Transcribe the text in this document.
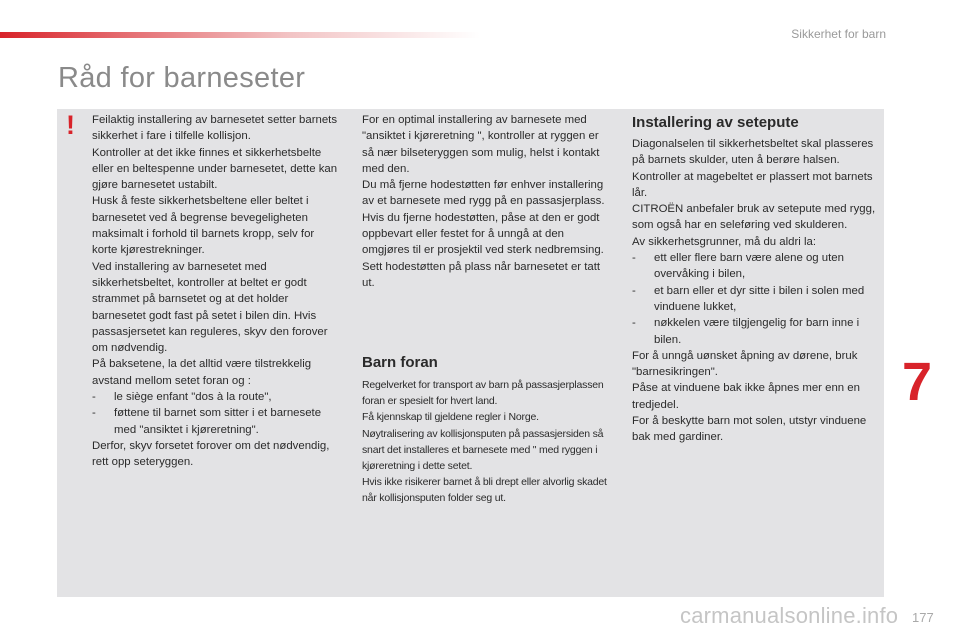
Sikkerhet for barn
Råd for barneseter
! Feilaktig installering av barnesetet setter barnets sikkerhet i fare i tilfelle kollisjon.

Kontroller at det ikke finnes et sikkerhetsbelte eller en beltespenne under barnesetet, dette kan gjøre barnesetet ustabilt.

Husk å feste sikkerhetsbeltene eller beltet i barnesetet ved å begrense bevegeligheten maksimalt i forhold til barnets kropp, selv for korte kjørestrekninger.

Ved installering av barnesetet med sikkerhetsbeltet, kontroller at beltet er godt strammet på barnsetet og at det holder barnesetet godt fast på setet i bilen din. Hvis passasjersetet kan reguleres, skyv den forover om nødvendig.

På baksetene, la det alltid være tilstrekkelig avstand mellom setet foran og :

-	le siège enfant "dos à la route",
-	føttene til barnet som sitter i et barnesete med "ansiktet i kjøreretning".

Derfor, skyv forsetet forover om det nødvendig, rett opp seteryggen.

For en optimal installering av barnesete med "ansiktet i kjøreretning ", kontroller at ryggen er så nær bilseteryggen som mulig, helst i kontakt med den.

Du må fjerne hodestøtten før enhver installering av et barnesete med rygg på en passasjerplass. Hvis du fjerne hodestøtten, påse at den er godt oppbevart eller festet for å unngå at den omgjøres til er prosjektil ved sterk nedbremsing.

Sett hodestøtten på plass når barnesetet er tatt ut.

Barn foran

Regelverket for transport av barn på passasjerplassen foran er spesielt for hvert land.

Få kjennskap til gjeldene regler i Norge.

Nøytralisering av kollisjonsputen på passasjersiden så snart det installeres et barnesete med " med ryggen i kjøreretning i dette setet.

Hvis ikke risikerer barnet å bli drept eller alvorlig skadet når kollisjonsputen folder seg ut.

Installering av setepute

Diagonalselen til sikkerhetsbeltet skal plasseres på barnets skulder, uten å berøre halsen.

Kontroller at magebeltet er plassert mot barnets lår.

CITROËN anbefaler bruk av setepute med rygg, som også har en seleføring ved skulderen.

Av sikkerhetsgrunner, må du aldri la:

-	ett eller flere barn være alene og uten overvåking i bilen,
-	et barn eller et dyr sitte i bilen i solen med vinduene lukket,
-	nøkkelen være tilgjengelig for barn inne i bilen.

For å unngå uønsket åpning av dørene, bruk "barnesikringen".

Påse at vinduene bak ikke åpnes mer enn en tredjedel.

For å beskytte barn mot solen, utstyr vinduene bak med gardiner.

7
carmanualsonline.info 177
